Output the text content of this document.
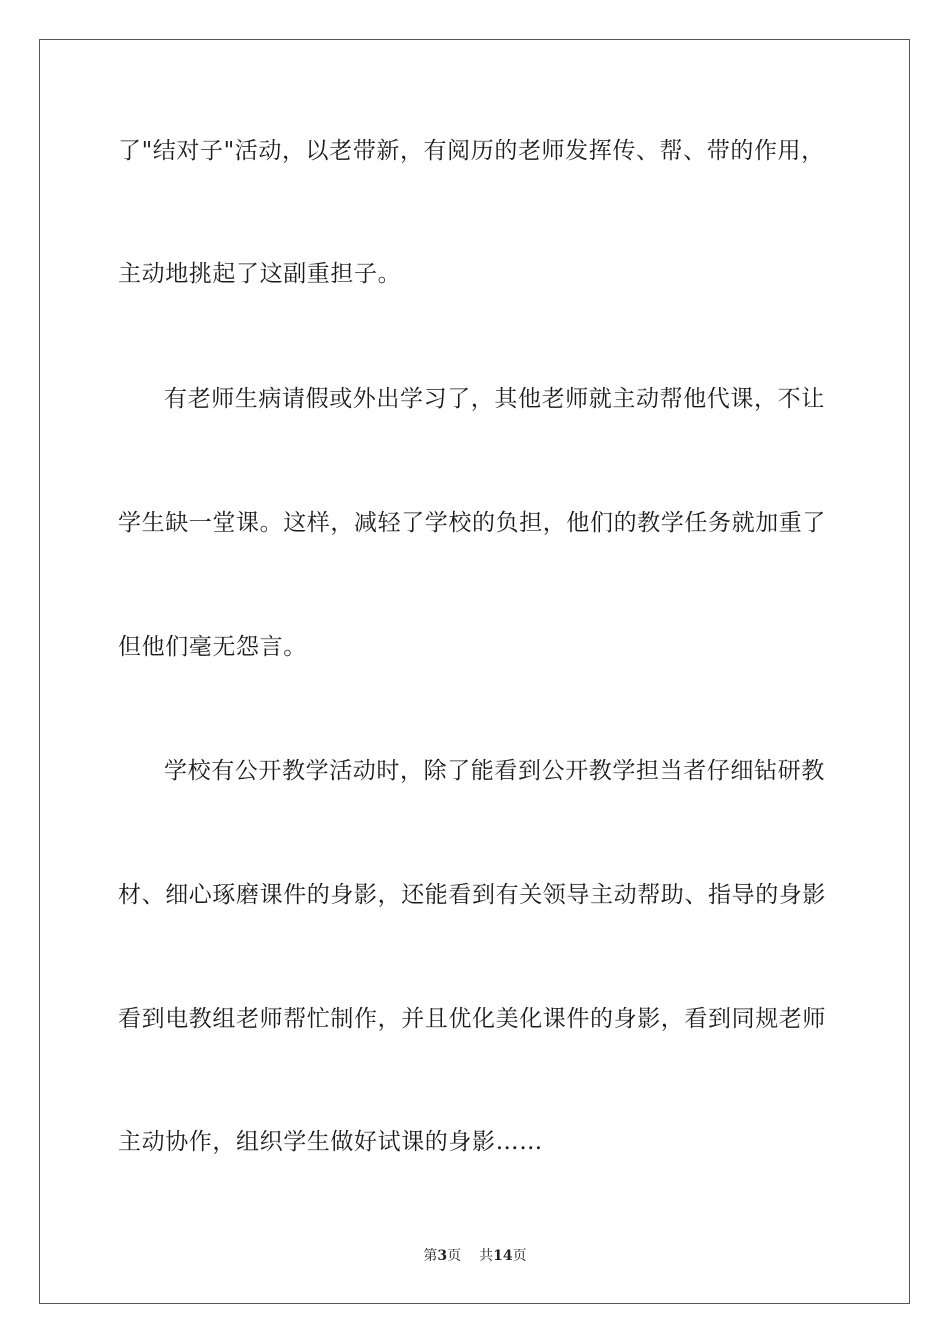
了"结对子"活动，以老带新，有阅历的老师发挥传、帮、带的作用，
主动地挑起了这副重担子。
有老师生病请假或外出学习了，其他老师就主动帮他代课，不让
学生缺一堂课。这样，减轻了学校的负担，他们的教学任务就加重了
但他们毫无怨言。
学校有公开教学活动时，除了能看到公开教学担当者仔细钻研教
材、细心琢磨课件的身影，还能看到有关领导主动帮助、指导的身影
看到电教组老师帮忙制作，并且优化美化课件的身影，看到同规老师
主动协作，组织学生做好试课的身影……
第3页 共14页
